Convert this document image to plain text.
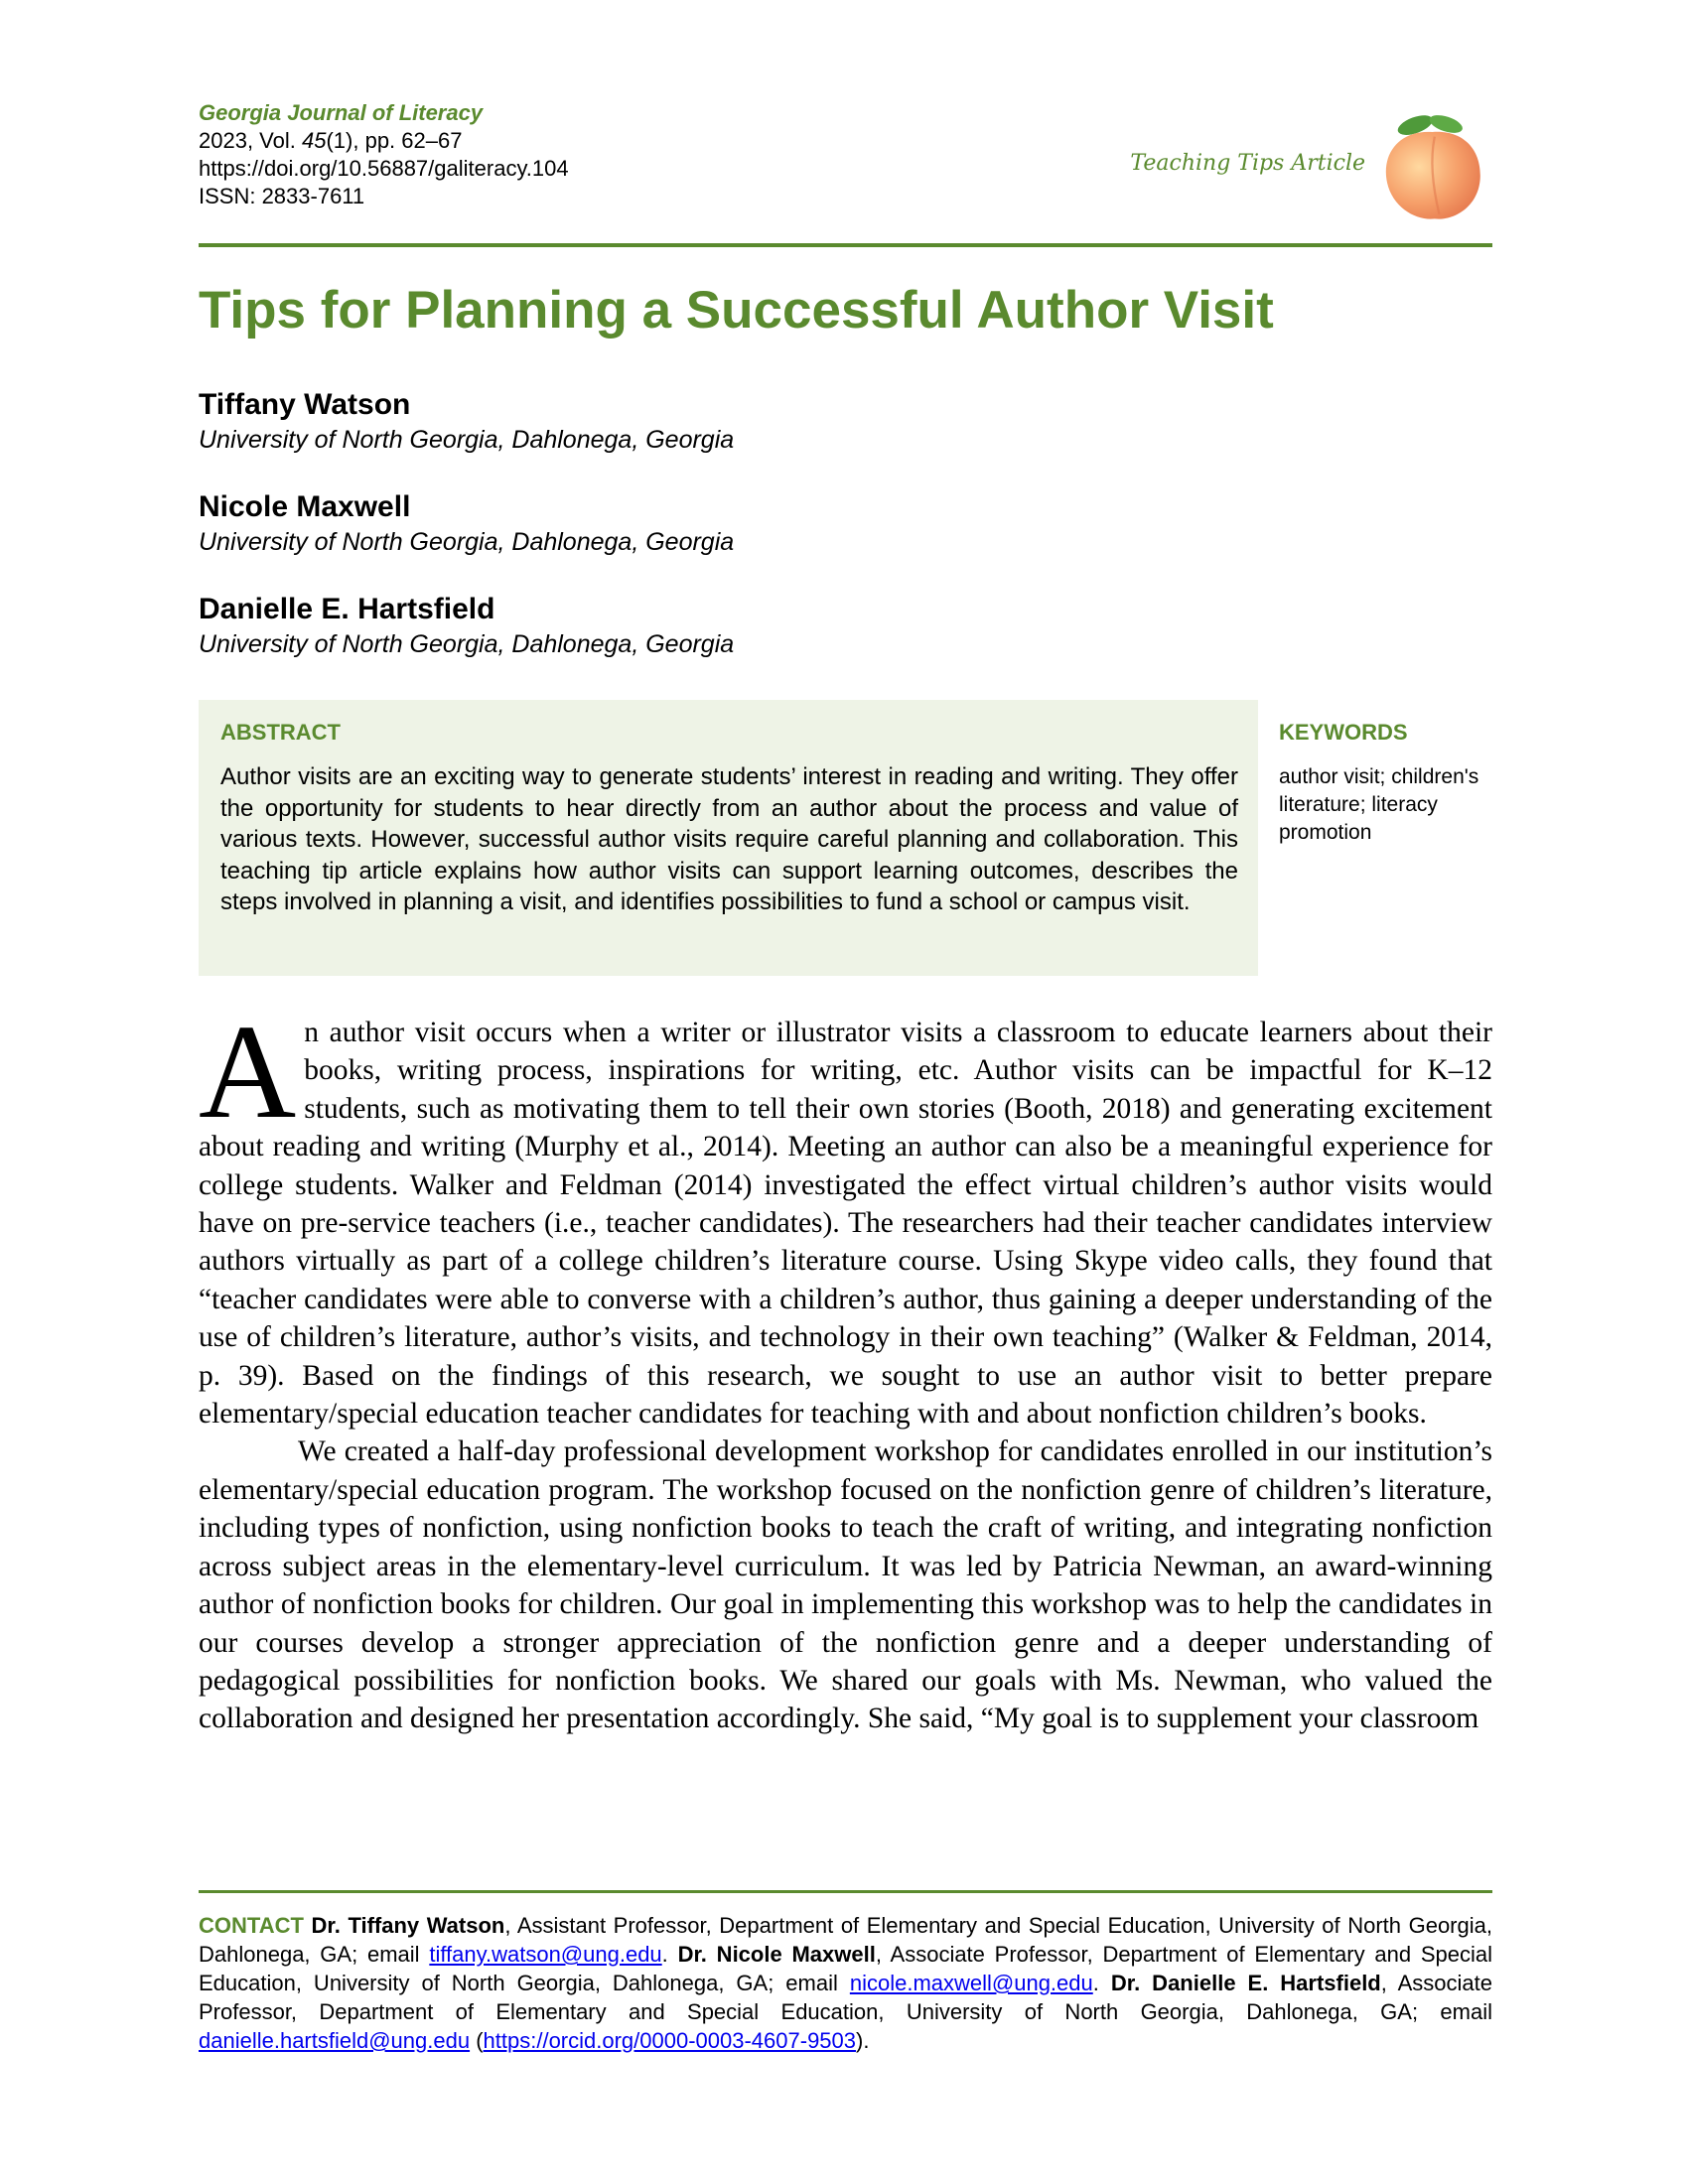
Georgia Journal of Literacy
2023, Vol. 45(1), pp. 62–67
https://doi.org/10.56887/galiteracy.104
ISSN: 2833-7611
Teaching Tips Article
Tips for Planning a Successful Author Visit
Tiffany Watson
University of North Georgia, Dahlonega, Georgia
Nicole Maxwell
University of North Georgia, Dahlonega, Georgia
Danielle E. Hartsfield
University of North Georgia, Dahlonega, Georgia
ABSTRACT
Author visits are an exciting way to generate students’ interest in reading and writing. They offer the opportunity for students to hear directly from an author about the process and value of various texts. However, successful author visits require careful planning and collaboration. This teaching tip article explains how author visits can support learning outcomes, describes the steps involved in planning a visit, and identifies possibilities to fund a school or campus visit.
KEYWORDS
author visit; children's literature; literacy promotion

An author visit occurs when a writer or illustrator visits a classroom to educate learners about their books, writing process, inspirations for writing, etc. Author visits can be impactful for K–12 students, such as motivating them to tell their own stories (Booth, 2018) and generating excitement about reading and writing (Murphy et al., 2014). Meeting an author can also be a meaningful experience for college students. Walker and Feldman (2014) investigated the effect virtual children’s author visits would have on pre-service teachers (i.e., teacher candidates). The researchers had their teacher candidates interview authors virtually as part of a college children’s literature course. Using Skype video calls, they found that “teacher candidates were able to converse with a children’s author, thus gaining a deeper understanding of the use of children’s literature, author’s visits, and technology in their own teaching” (Walker & Feldman, 2014, p. 39). Based on the findings of this research, we sought to use an author visit to better prepare elementary/special education teacher candidates for teaching with and about nonfiction children’s books.

We created a half-day professional development workshop for candidates enrolled in our institution’s elementary/special education program. The workshop focused on the nonfiction genre of children’s literature, including types of nonfiction, using nonfiction books to teach the craft of writing, and integrating nonfiction across subject areas in the elementary-level curriculum. It was led by Patricia Newman, an award-winning author of nonfiction books for children. Our goal in implementing this workshop was to help the candidates in our courses develop a stronger appreciation of the nonfiction genre and a deeper understanding of pedagogical possibilities for nonfiction books. We shared our goals with Ms. Newman, who valued the collaboration and designed her presentation accordingly. She said, “My goal is to supplement your classroom

CONTACT Dr. Tiffany Watson, Assistant Professor, Department of Elementary and Special Education, University of North Georgia, Dahlonega, GA; email tiffany.watson@ung.edu. Dr. Nicole Maxwell, Associate Professor, Department of Elementary and Special Education, University of North Georgia, Dahlonega, GA; email nicole.maxwell@ung.edu. Dr. Danielle E. Hartsfield, Associate Professor, Department of Elementary and Special Education, University of North Georgia, Dahlonega, GA; email danielle.hartsfield@ung.edu (https://orcid.org/0000-0003-4607-9503).
